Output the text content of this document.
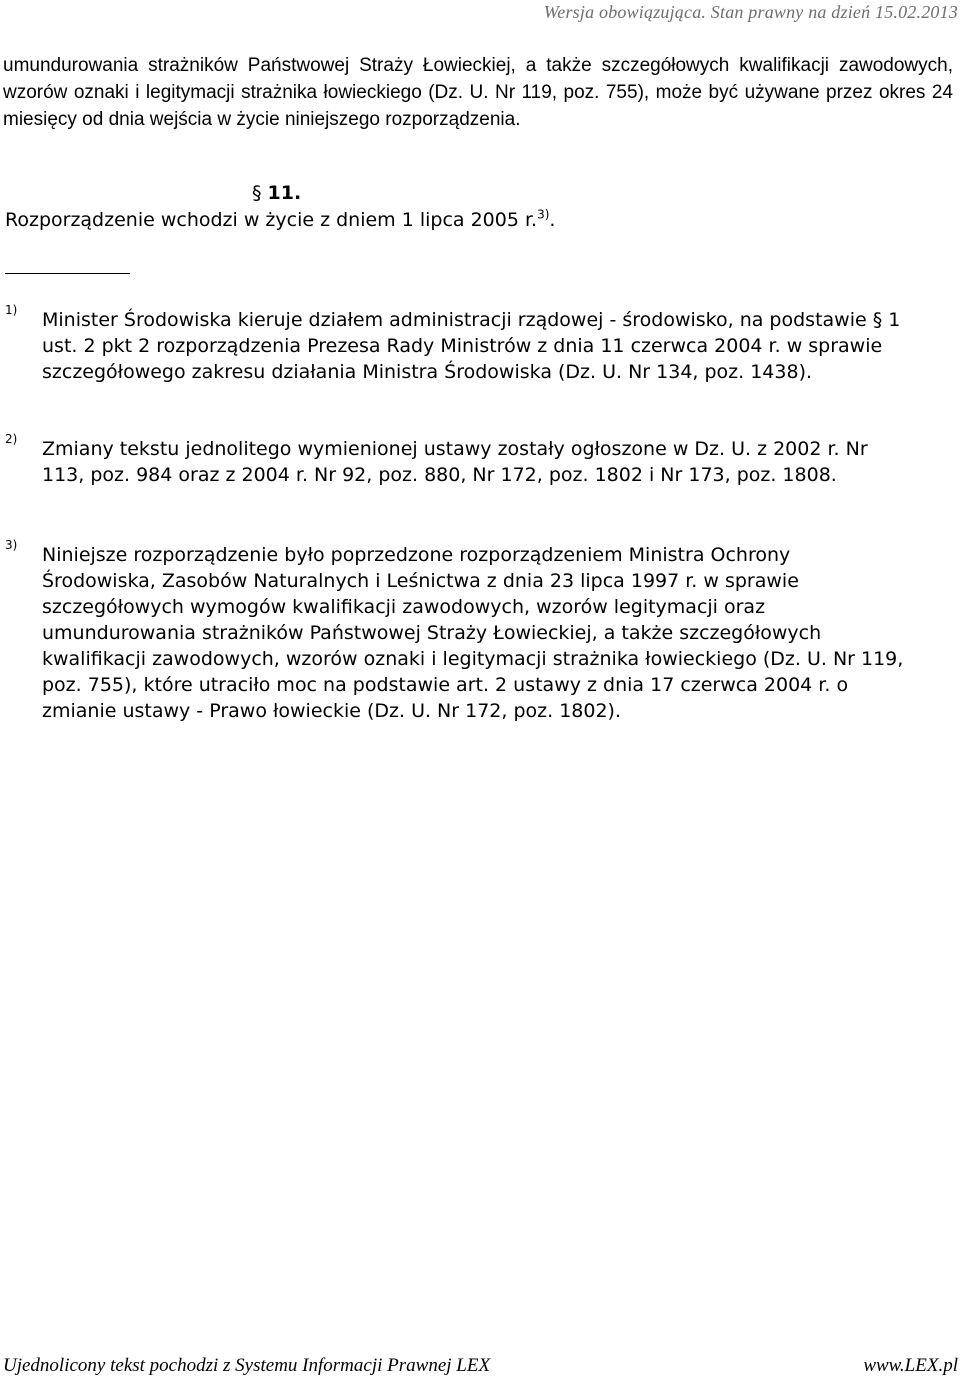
Wersja obowiązująca. Stan prawny na dzień 15.02.2013
umundurowania strażników Państwowej Straży Łowieckiej, a także szczegółowych kwalifikacji zawodowych, wzorów oznaki i legitymacji strażnika łowieckiego (Dz. U. Nr 119, poz. 755), może być używane przez okres 24 miesięcy od dnia wejścia w życie niniejszego rozporządzenia.
§ 11.
Rozporządzenie wchodzi w życie z dniem 1 lipca 2005 r.$^{3)}$.
1)	Minister Środowiska kieruje działem administracji rządowej - środowisko, na podstawie § 1 ust. 2 pkt 2 rozporządzenia Prezesa Rady Ministrów z dnia 11 czerwca 2004 r. w sprawie szczegółowego zakresu działania Ministra Środowiska (Dz. U. Nr 134, poz. 1438).
2)	Zmiany tekstu jednolitego wymienionej ustawy zostały ogłoszone w Dz. U. z 2002 r. Nr 113, poz. 984 oraz z 2004 r. Nr 92, poz. 880, Nr 172, poz. 1802 i Nr 173, poz. 1808.
3)	Niniejsze rozporządzenie było poprzedzone rozporządzeniem Ministra Ochrony Środowiska, Zasobów Naturalnych i Leśnictwa z dnia 23 lipca 1997 r. w sprawie szczegółowych wymogów kwalifikacji zawodowych, wzorów legitymacji oraz umundurowania strażników Państwowej Straży Łowieckiej, a także szczegółowych kwalifikacji zawodowych, wzorów oznaki i legitymacji strażnika łowieckiego (Dz. U. Nr 119, poz. 755), które utraciło moc na podstawie art. 2 ustawy z dnia 17 czerwca 2004 r. o zmianie ustawy - Prawo łowieckie (Dz. U. Nr 172, poz. 1802).
Ujednolicony tekst pochodzi z Systemu Informacji Prawnej LEX	www.LEX.pl
